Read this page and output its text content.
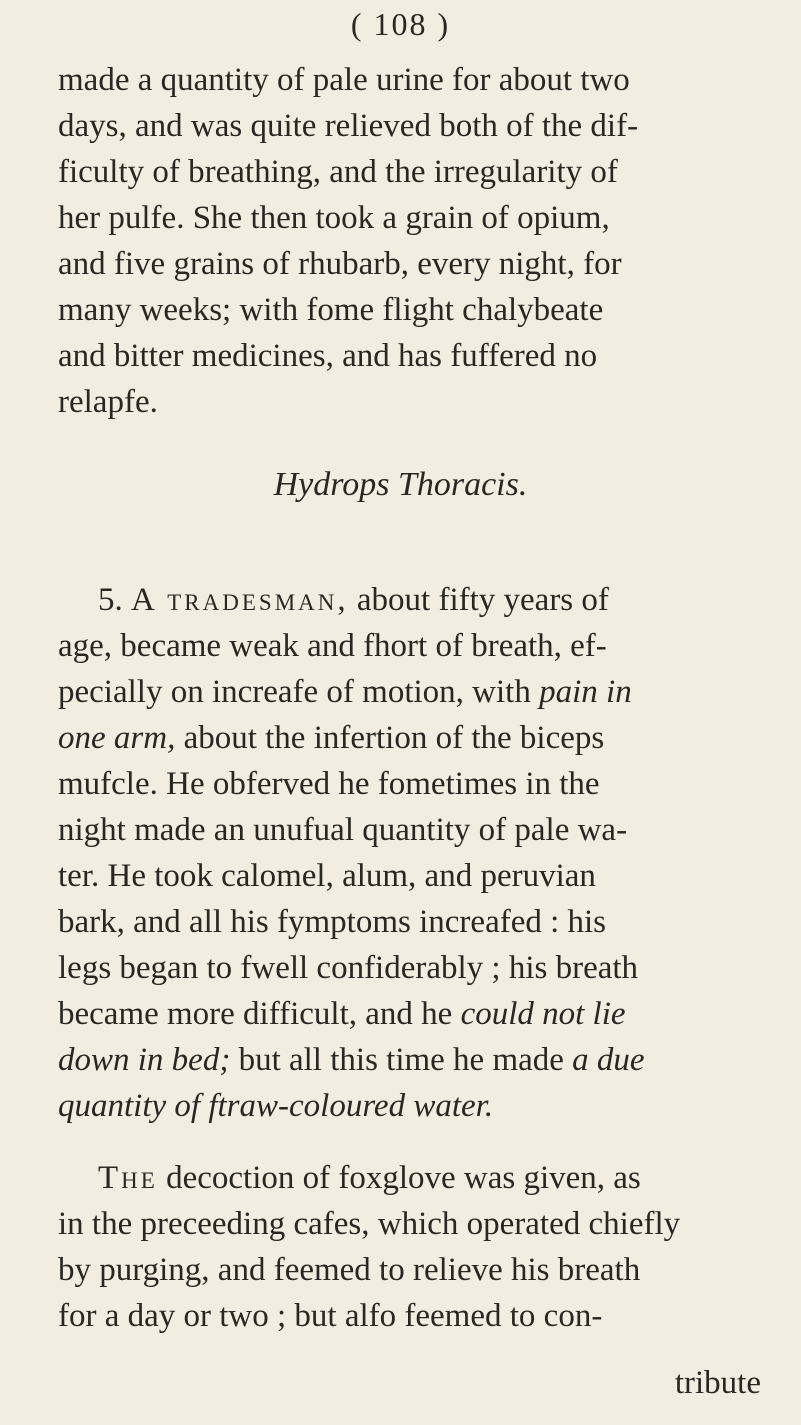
( 108 )
made a quantity of pale urine for about two
days, and was quite relieved both of the dif-
ficulty of breathing, and the irregularity of
her pulfe. She then took a grain of opium,
and five grains of rhubarb, every night, for
many weeks; with fome flight chalybeate
and bitter medicines, and has fuffered no
relapfe.
Hydrops Thoracis.
5. A tradesman, about fifty years of
age, became weak and fhort of breath, ef-
pecially on increafe of motion, with pain in
one arm, about the infertion of the biceps
mufcle. He obferved he fometimes in the
night made an unufual quantity of pale wa-
ter. He took calomel, alum, and peruvian
bark, and all his fymptoms increafed : his
legs began to fwell confiderably ; his breath
became more difficult, and he could not lie
down in bed; but all this time he made a due
quantity of ftraw-coloured water.
The decoction of foxglove was given, as
in the preceeding cafes, which operated chiefly
by purging, and feemed to relieve his breath
for a day or two ; but alfo feemed to con-
tribute
